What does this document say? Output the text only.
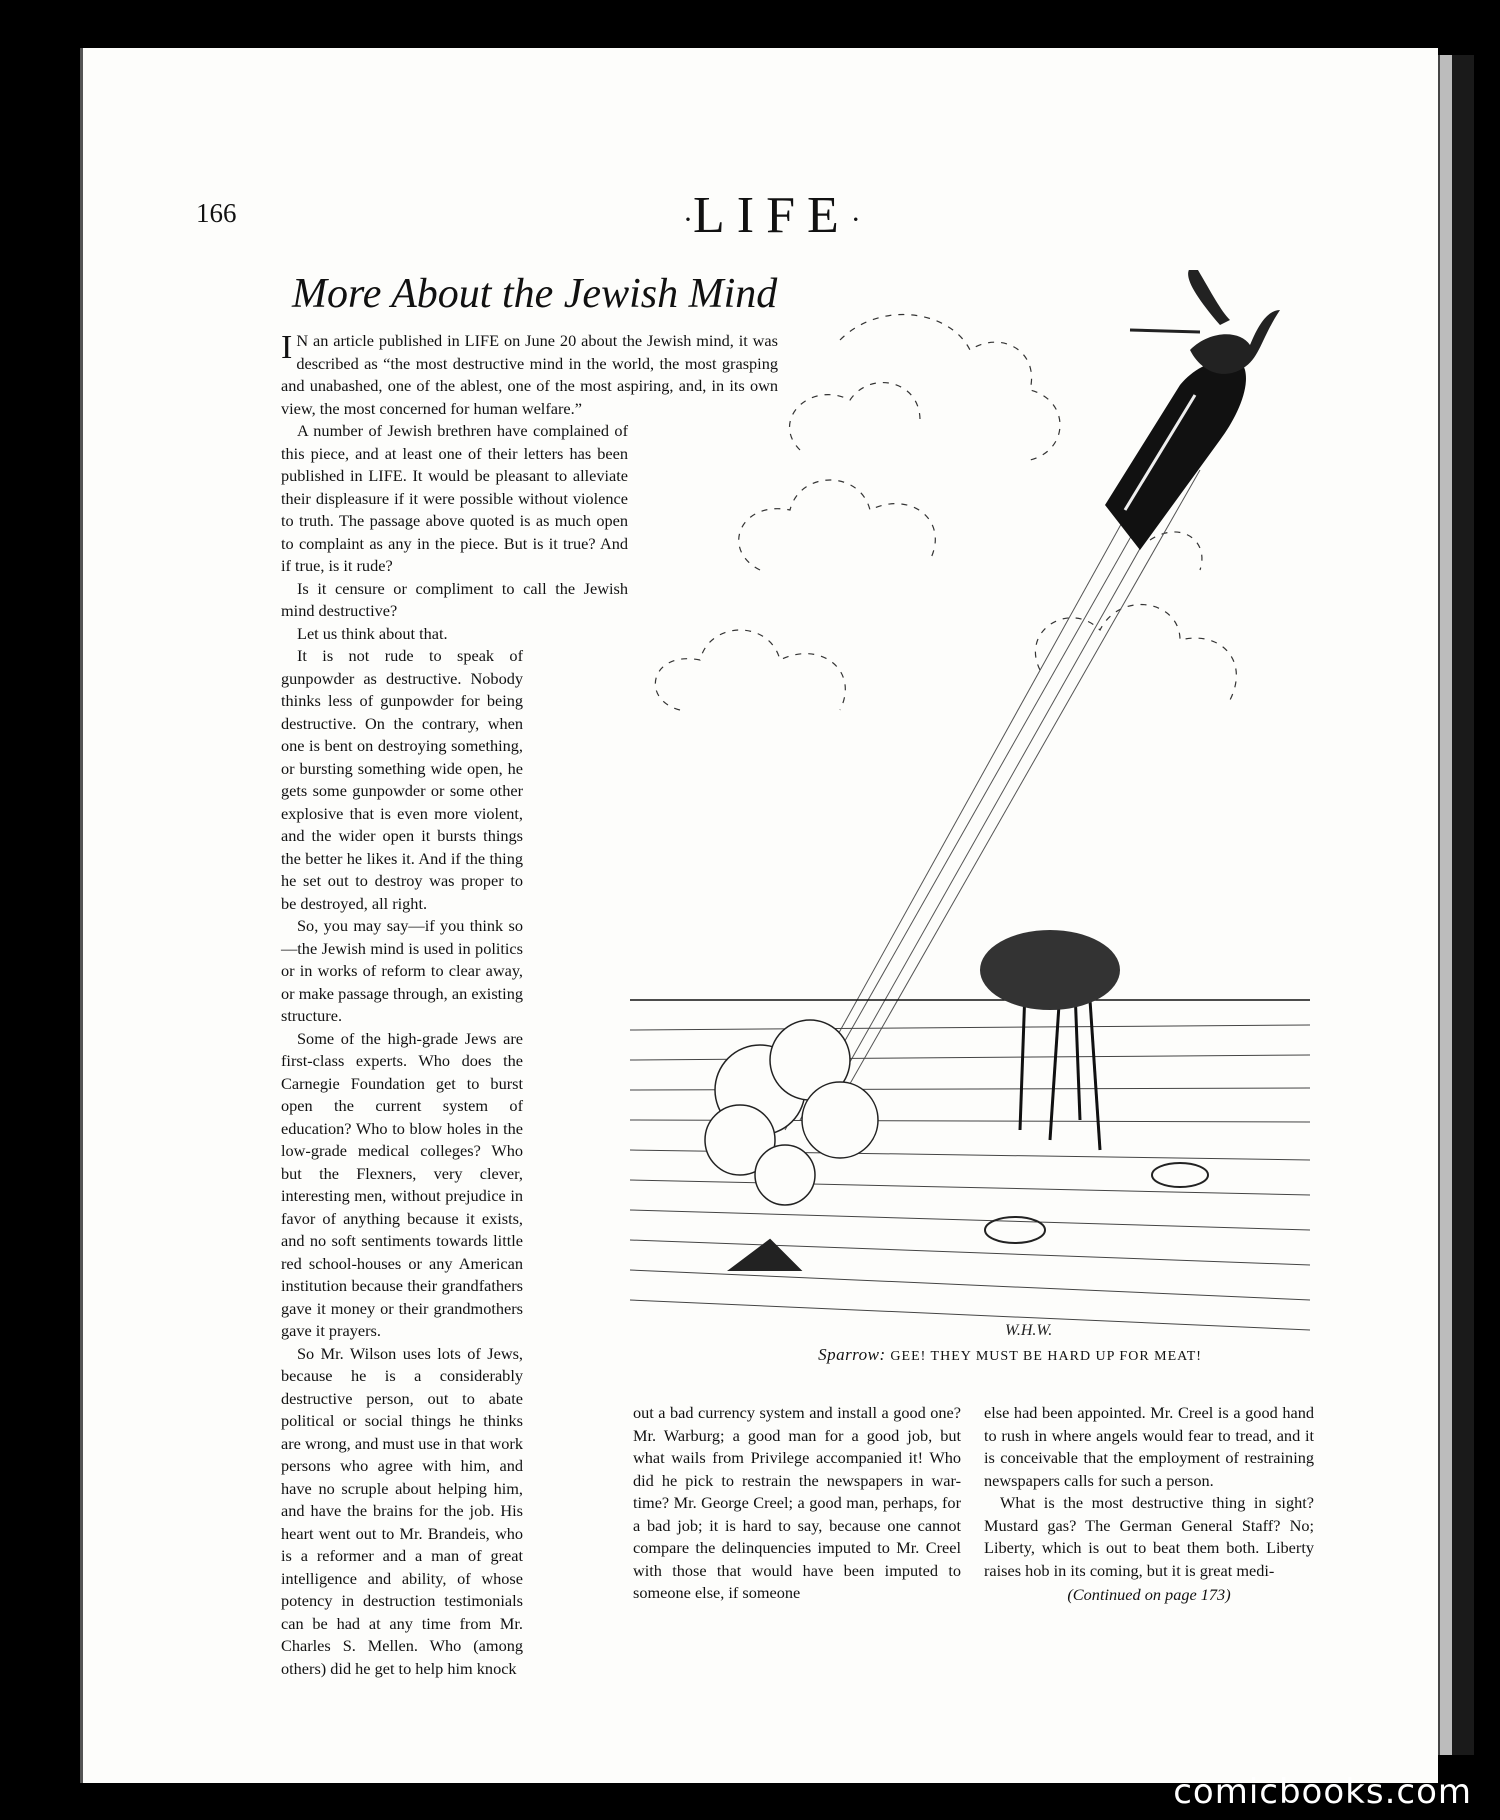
166	·LIFE·
More About the Jewish Mind

I N an article published in LIFE on June 20 about the Jewish mind, it was described as “the most destructive mind in the world, the most grasping and unabashed, one of the ablest, one of the most aspiring, and, in its own view, the most concerned for human welfare.”

A number of Jewish brethren have complained of this piece, and at least one of their letters has been published in LIFE. It would be pleasant to alleviate their displeasure if it were possible without violence to truth. The passage above quoted is as much open to complaint as any in the piece. But is it true? And if true, is it rude?

Is it censure or compliment to call the Jewish mind destructive?

Let us think about that.

It is not rude to speak of gunpowder as destructive. Nobody thinks less of gunpowder for being destructive. On the contrary, when one is bent on destroying something, or bursting something wide open, he gets some gunpowder or some other explosive that is even more violent, and the wider open it bursts things the better he likes it. And if the thing he set out to destroy was proper to be destroyed, all right.

So, you may say—if you think so—the Jewish mind is used in politics or in works of reform to clear away, or make passage through, an existing structure.

Some of the high-grade Jews are first-class experts. Who does the Carnegie Foundation get to burst open the current system of education? Who to blow holes in the low-grade medical colleges? Who but the Flexners, very clever, interesting men, without prejudice in favor of anything because it exists, and no soft sentiments towards little red school-houses or any American institution because their grandfathers gave it money or their grandmothers gave it prayers.

So Mr. Wilson uses lots of Jews, because he is a considerably destructive person, out to abate political or social things he thinks are wrong, and must use in that work persons who agree with him, and have no scruple about helping him, and have the brains for the job. His heart went out to Mr. Brandeis, who is a reformer and a man of great intelligence and ability, of whose potency in destruction testimonials can be had at any time from Mr. Charles S. Mellen. Who (among others) did he get to help him knock

out a bad currency system and install a good one? Mr. Warburg; a good man for a good job, but what wails from Privilege accompanied it! Who did he pick to restrain the newspapers in war-time? Mr. George Creel; a good man, perhaps, for a bad job; it is hard to say, because one cannot compare the delinquencies imputed to Mr. Creel with those that would have been imputed to someone else, if someone

else had been appointed. Mr. Creel is a good hand to rush in where angels would fear to tread, and it is conceivable that the employment of restraining newspapers calls for such a person.

What is the most destructive thing in sight? Mustard gas? The German General Staff? No; Liberty, which is out to beat them both. Liberty raises hob in its coming, but it is great medi-

(Continued on page 173)

W.H.W.
Sparrow: GEE! THEY MUST BE HARD UP FOR MEAT!
comicbooks.com
